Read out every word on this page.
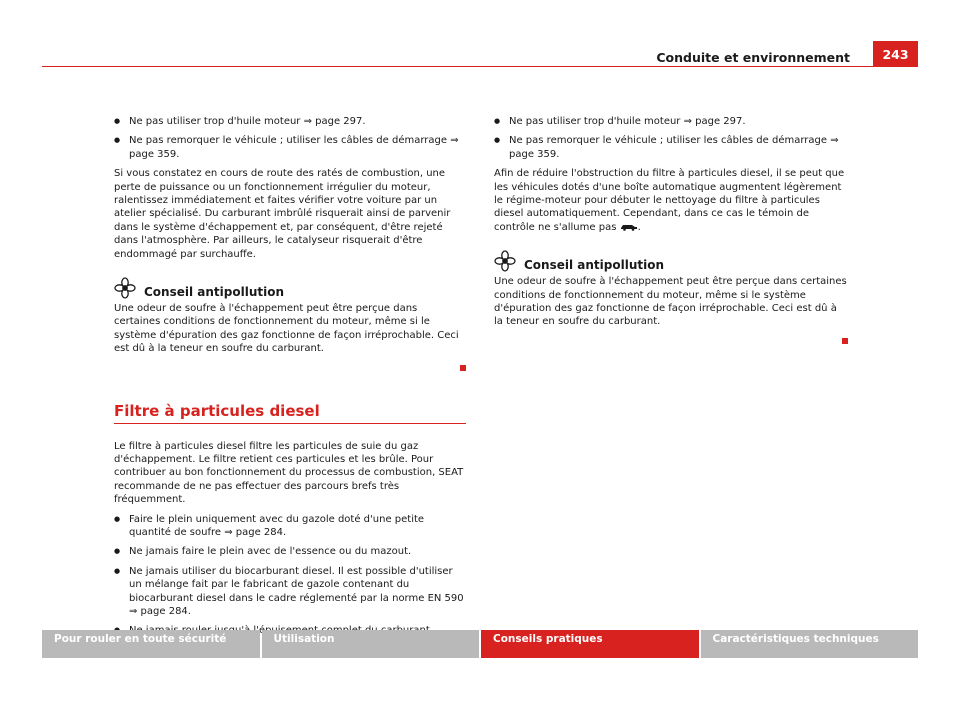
Conduite et environnement	243
● Ne pas utiliser trop d'huile moteur ⇒ page 297.
● Ne pas remorquer le véhicule ; utiliser les câbles de démarrage ⇒ page 359.

Si vous constatez en cours de route des ratés de combustion, une perte de puissance ou un fonctionnement irrégulier du moteur, ralentissez immédiatement et faites vérifier votre voiture par un atelier spécialisé. Du carburant imbrûlé risquerait ainsi de parvenir dans le système d'échappement et, par conséquent, d'être rejeté dans l'atmosphère. Par ailleurs, le catalyseur risquerait d'être endommagé par surchauffe.

Conseil antipollution

Une odeur de soufre à l'échappement peut être perçue dans certaines conditions de fonctionnement du moteur, même si le système d'épuration des gaz fonctionne de façon irréprochable. Ceci est dû à la teneur en soufre du carburant.

Filtre à particules diesel

Le filtre à particules diesel filtre les particules de suie du gaz d'échappement. Le filtre retient ces particules et les brûle. Pour contribuer au bon fonctionnement du processus de combustion, SEAT recommande de ne pas effectuer des parcours brefs très fréquemment.

● Faire le plein uniquement avec du gazole doté d'une petite quantité de soufre ⇒ page 284.
● Ne jamais faire le plein avec de l'essence ou du mazout.
● Ne jamais utiliser du biocarburant diesel. Il est possible d'utiliser un mélange fait par le fabricant de gazole contenant du biocarburant diesel dans le cadre réglementé par la norme EN 590 ⇒ page 284.
●
● Ne pas utiliser trop d'huile moteur ⇒ page 297.
● Ne pas remorquer le véhicule ; utiliser les câbles de démarrage ⇒ page 359.

Afin de réduire l'obstruction du filtre à particules diesel, il se peut que les véhicules dotés d'une boîte automatique augmentent légèrement le régime-moteur pour débuter le nettoyage du filtre à particules diesel automatiquement. Cependant, dans ce cas le témoin de contrôle ne s'allume pas .

Conseil antipollution

Une odeur de soufre à l'échappement peut être perçue dans certaines conditions de fonctionnement du moteur, même si le système d'épuration des gaz fonctionne de façon irréprochable. Ceci est dû à la teneur en soufre du carburant.

Pour rouler en toute sécurité	Utilisation	Conseils pratiques	Caractéristiques techniques
